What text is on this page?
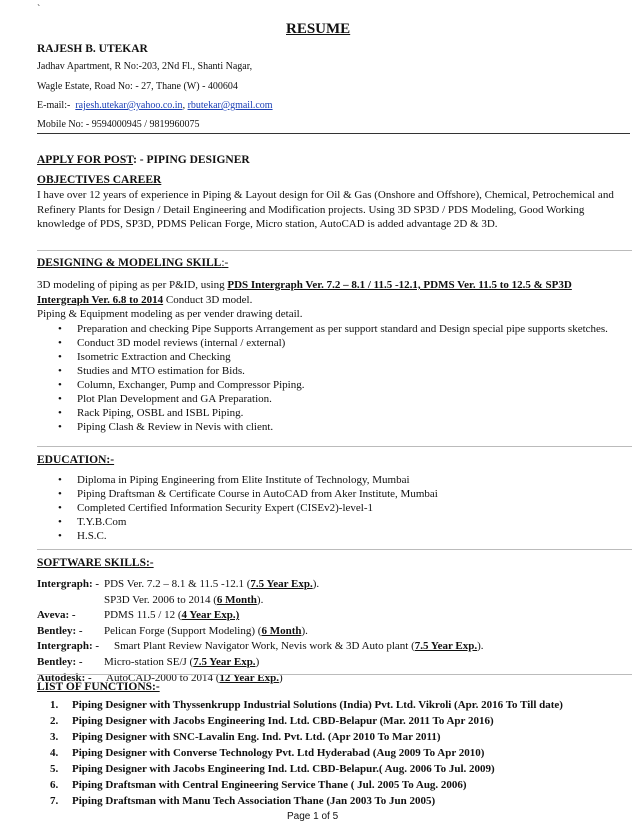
`
RESUME
RAJESH B. UTEKAR
Jadhav Apartment, R No:-203, 2Nd Fl., Shanti Nagar,
Wagle Estate, Road No: - 27, Thane (W) - 400604
E-mail:- rajesh.utekar@yahoo.co.in, rbutekar@gmail.com
Mobile No: - 9594000945 / 9819960075
APPLY FOR POST: - PIPING DESIGNER
OBJECTIVES CAREER
I have over 12 years of experience in Piping & Layout design for Oil & Gas (Onshore and Offshore), Chemical, Petrochemical and Refinery Plants for Design / Detail Engineering and Modification projects. Using 3D SP3D / PDS Modeling, Good Working knowledge of PDS, SP3D, PDMS Pelican Forge, Micro station, AutoCAD is added advantage 2D & 3D.
DESIGNING & MODELING SKILL:-
3D modeling of piping as per P&ID, using PDS Intergraph Ver. 7.2 – 8.1 / 11.5 -12.1, PDMS Ver. 11.5 to 12.5 & SP3D Intergraph Ver. 6.8 to 2014 Conduct 3D model.
Piping & Equipment modeling as per vender drawing detail.
• Preparation and checking Pipe Supports Arrangement as per support standard and Design special pipe supports sketches.
• Conduct 3D model reviews (internal / external)
• Isometric Extraction and Checking
• Studies and MTO estimation for Bids.
• Column, Exchanger, Pump and Compressor Piping.
• Plot Plan Development and GA Preparation.
• Rack Piping, OSBL and ISBL Piping.
• Piping Clash & Review in Nevis with client.
EDUCATION:-
• Diploma in Piping Engineering from Elite Institute of Technology, Mumbai
• Piping Draftsman & Certificate Course in AutoCAD from Aker Institute, Mumbai
• Completed Certified Information Security Expert (CISEv2)-level-1
• T.Y.B.Com
• H.S.C.
SOFTWARE SKILLS:-
Intergraph: - PDS Ver. 7.2 – 8.1 & 11.5 -12.1 (7.5 Year Exp.).
SP3D Ver. 2006 to 2014 (6 Month).
Aveva: -	PDMS 11.5 / 12 (4 Year Exp.)
Bentley: - Pelican Forge (Support Modeling) (6 Month).
Intergraph: - Smart Plant Review Navigator Work, Nevis work & 3D Auto plant (7.5 Year Exp.).
Bentley: - Micro-station SE/J (7.5 Year Exp.)
Autodesk: - AutoCAD-2000 to 2014 (12 Year Exp.)
LIST OF FUNCTIONS:-
1. Piping Designer with Thyssenkrupp Industrial Solutions (India) Pvt. Ltd. Vikroli (Apr. 2016 To Till date)
2. Piping Designer with Jacobs Engineering Ind. Ltd. CBD-Belapur (Mar. 2011 To Apr 2016)
3. Piping Designer with SNC-Lavalin Eng. Ind. Pvt. Ltd. (Apr 2010 To Mar 2011)
4. Piping Designer with Converse Technology Pvt. Ltd Hyderabad (Aug 2009 To Apr 2010)
5. Piping Designer with Jacobs Engineering Ind. Ltd. CBD-Belapur.( Aug. 2006 To Jul. 2009)
6. Piping Draftsman with Central Engineering Service Thane ( Jul. 2005 To Aug. 2006)
7. Piping Draftsman with Manu Tech Association Thane (Jan 2003 To Jun 2005)
Page 1 of 5
